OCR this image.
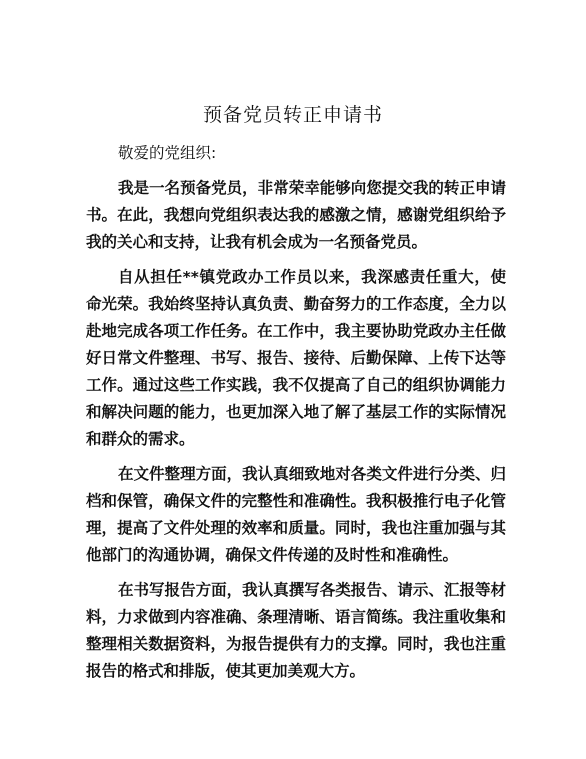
预备党员转正申请书

敬爱的党组织:

我是一名预备党员，非常荣幸能够向您提交我的转正申请书。在此，我想向党组织表达我的感激之情，感谢党组织给予我的关心和支持，让我有机会成为一名预备党员。

自从担任**镇党政办工作员以来，我深感责任重大，使命光荣。我始终坚持认真负责、勤奋努力的工作态度，全力以赴地完成各项工作任务。在工作中，我主要协助党政办主任做好日常文件整理、书写、报告、接待、后勤保障、上传下达等工作。通过这些工作实践，我不仅提高了自己的组织协调能力和解决问题的能力，也更加深入地了解了基层工作的实际情况和群众的需求。

在文件整理方面，我认真细致地对各类文件进行分类、归档和保管，确保文件的完整性和准确性。我积极推行电子化管理，提高了文件处理的效率和质量。同时，我也注重加强与其他部门的沟通协调，确保文件传递的及时性和准确性。

在书写报告方面，我认真撰写各类报告、请示、汇报等材料，力求做到内容准确、条理清晰、语言简练。我注重收集和整理相关数据资料，为报告提供有力的支撑。同时，我也注重报告的格式和排版，使其更加美观大方。
